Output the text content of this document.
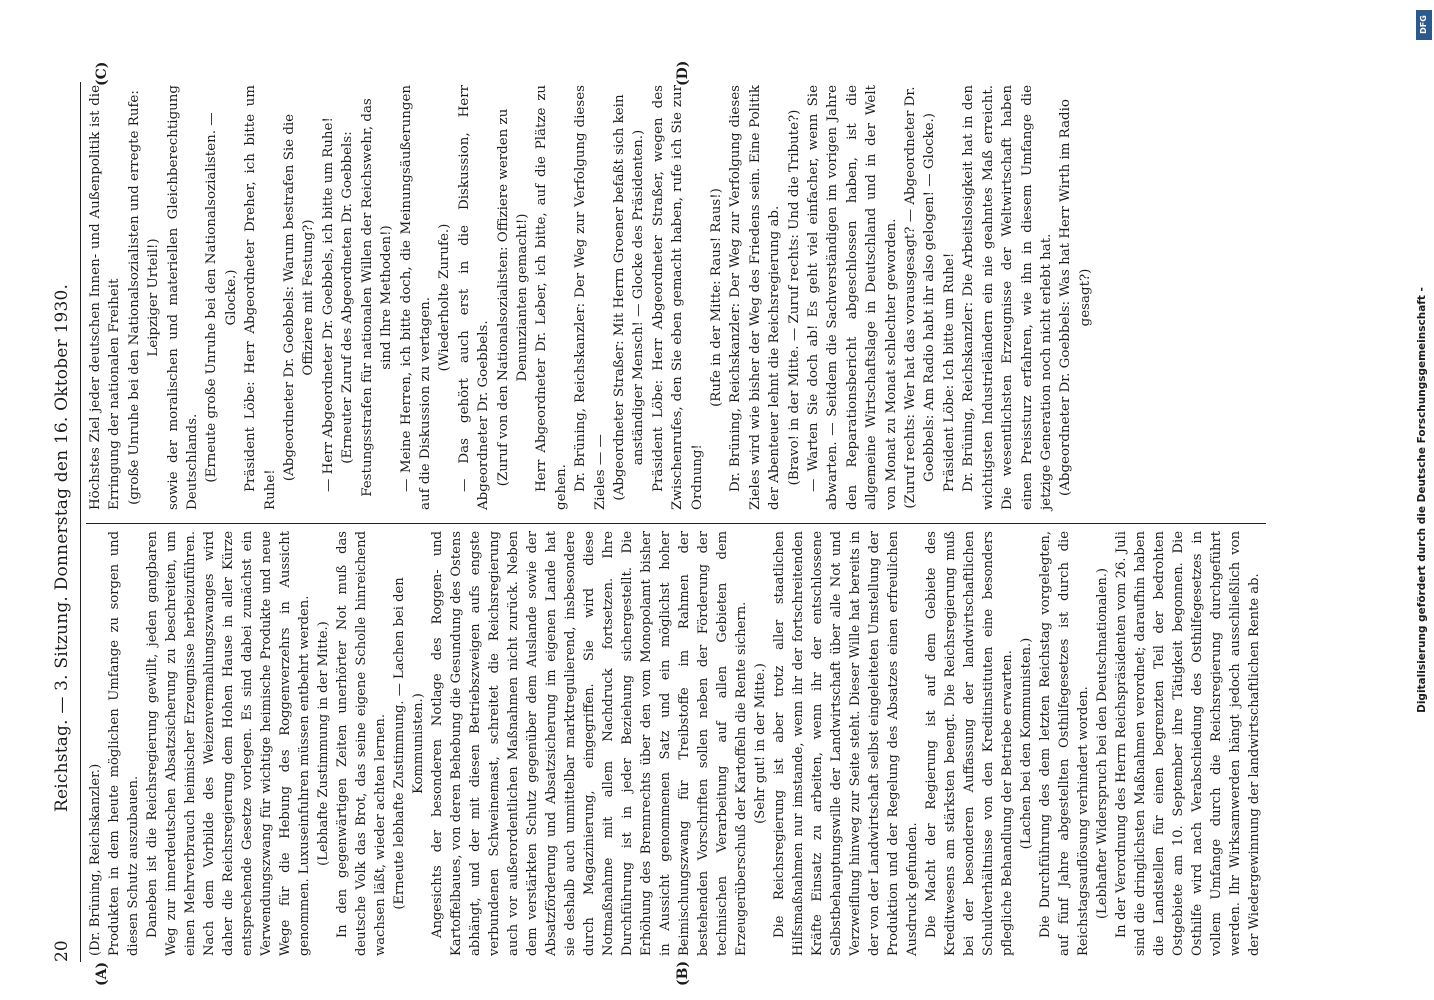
20
Reichstag. — 3. Sitzung. Donnerstag den 16. Oktober 1930.
(A)	(B)
(C)	(D)

(Dr. Brüning, Reichskanzler.) Produkten in dem heute möglichen Umfange zu sorgen und diesen Schutz auszubauen. Daneben ist die Reichsregierung gewillt, jeden gangbaren Weg zur innerdeutschen Absatzsicherung zu beschreiten, um einen Mehrverbrauch heimischer Erzeugnisse herbeizuführen. Nach dem Vorbilde des Weizenvermahlungszwanges wird daher die Reichsregierung dem Hohen Hause in aller Kürze entsprechende Gesetze vorlegen. Es sind dabei zunächst ein Verwendungszwang für wichtige heimische Produkte und neue Wege für die Hebung des Roggenverzehrs in Aussicht genommen. Luxuseinfuhren müssen entbehrt werden. (Lebhafte Zustimmung in der Mitte.) In den gegenwärtigen Zeiten unerhörter Not muß das deutsche Volk das Brot, das seine eigene Scholle hinreichend wachsen läßt, wieder achten lernen. (Erneute lebhafte Zustimmung. — Lachen bei den Kommunisten.) Angesichts der besonderen Notlage des Roggen- und Kartoffelbaues, von deren Behebung die Gesundung des Ostens abhängt, und der mit diesen Betriebszweigen aufs engste verbundenen Schweinemast, schreitet die Reichsregierung auch vor außerordentlichen Maßnahmen nicht zurück. Neben dem verstärkten Schutz gegenüber dem Auslande sowie der Absatzförderung und Absatzsicherung im eigenen Lande hat sie deshalb auch unmittelbar marktregulierend, insbesondere durch Magazinierung, eingegriffen. Sie wird diese Notmaßnahme mit allem Nachdruck fortsetzen. Ihre Durchführung ist in jeder Beziehung sichergestellt. Die Erhöhung des Brennrechts über den vom Monopolamt bisher in Aussicht genommenen Satz und ein möglichst hoher Beimischungszwang für Treibstoffe im Rahmen der bestehenden Vorschriften sollen neben der Förderung der technischen Verarbeitung auf allen Gebieten dem Erzeugerüberschuß der Kartoffeln die Rente sichern. (Sehr gut! in der Mitte.) Die Reichsregierung ist aber trotz aller staatlichen Hilfsmaßnahmen nur imstande, wenn ihr der fortschreitenden Kräfte Einsatz zu arbeiten, wenn ihr der entschlossene Selbstbehauptungswille der Landwirtschaft über alle Not und Verzweiflung hinweg zur Seite steht. Dieser Wille hat bereits in der von der Landwirtschaft selbst eingeleiteten Umstellung der Produktion und der Regelung des Absatzes einen erfreulichen Ausdruck gefunden. Die Macht der Regierung ist auf dem Gebiete des Kreditwesens am stärksten beengt. Die Reichsregierung muß bei der besonderen Auffassung der landwirtschaftlichen Schuldverhältnisse von den Kreditinstituten eine besonders pflegliche Behandlung der Betriebe erwarten. (Lachen bei den Kommunisten.) Die Durchführung des dem letzten Reichstag vorgelegten, auf fünf Jahre abgestellten Osthilfegesetzes ist durch die Reichstagsauflösung verhindert worden. (Lebhafter Widerspruch bei den Deutschnationalen.) In der Verordnung des Herrn Reichspräsidenten vom 26. Juli sind die dringlichsten Maßnahmen verordnet; daraufhin haben die Landstellen für einen begrenzten Teil der bedrohten Ostgebiete am 10. September ihre Tätigkeit begonnen. Die Osthilfe wird nach Verabschiedung des Osthilfegesetzes in vollem Umfange durch die Reichsregierung durchgeführt werden. Ihr Wirksamwerden hängt jedoch ausschließlich von der Wiedergewinnung der landwirtschaftlichen Rente ab.

Höchstes Ziel jeder deutschen Innen- und Außenpolitik ist die Erringung der nationalen Freiheit (große Unruhe bei den Nationalsozialisten und erregte Rufe: Leipziger Urteil!) sowie der moralischen und materiellen Gleichberechtigung Deutschlands. (Erneute große Unruhe bei den Nationalsozialisten. — Glocke.) Präsident Löbe: Herr Abgeordneter Dreher, ich bitte um Ruhe!

(Abgeordneter Dr. Goebbels: Warum bestrafen Sie die Offiziere mit Festung?) — Herr Abgeordneter Dr. Goebbels, ich bitte um Ruhe! (Erneuter Zuruf des Abgeordneten Dr. Goebbels: Festungsstrafen für nationalen Willen der Reichswehr, das sind Ihre Methoden!) — Meine Herren, ich bitte doch, die Meinungsäußerungen auf die Diskussion zu vertagen. (Wiederholte Zurufe.) — Das gehört auch erst in die Diskussion, Herr Abgeordneter Dr. Goebbels. (Zuruf von den Nationalsozialisten: Offiziere werden zu Denunzianten gemacht!) Herr Abgeordneter Dr. Leber, ich bitte, auf die Plätze zu gehen. Dr. Brüning, Reichskanzler: Der Weg zur Verfolgung dieses Zieles — — (Abgeordneter Straßer: Mit Herrn Groener befaßt sich kein anständiger Mensch! — Glocke des Präsidenten.) Präsident Löbe: Herr Abgeordneter Straßer, wegen des Zwischenrufes, den Sie eben gemacht haben, rufe ich Sie zur Ordnung!

(Rufe in der Mitte: Raus! Raus!) Dr. Brüning, Reichskanzler: Der Weg zur Verfolgung dieses Zieles wird wie bisher der Weg des Friedens sein. Eine Politik der Abenteuer lehnt die Reichsregierung ab. (Bravo! in der Mitte. — Zuruf rechts: Und die Tribute?) — Warten Sie doch ab! Es geht viel einfacher, wenn Sie abwarten. — Seitdem die Sachverständigen im vorigen Jahre den Reparationsbericht abgeschlossen haben, ist die allgemeine Wirtschaftslage in Deutschland und in der Welt von Monat zu Monat schlechter geworden. (Zuruf rechts: Wer hat das vorausgesagt? — Abgeordneter Dr. Goebbels: Am Radio habt ihr also gelogen! — Glocke.) Präsident Löbe: Ich bitte um Ruhe! Dr. Brüning, Reichskanzler: Die Arbeitslosigkeit hat in den wichtigsten Industrieländern ein nie geahntes Maß erreicht. Die wesentlichsten Erzeugnisse der Weltwirtschaft haben einen Preissturz erfahren, wie ihn in diesem Umfange die jetzige Generation noch nicht erlebt hat. (Abgeordneter Dr. Goebbels: Was hat Herr Wirth im Radio gesagt?)	Digitalisierung gefördert durch die Deutsche Forschungsgemeinschaft -
DFG
